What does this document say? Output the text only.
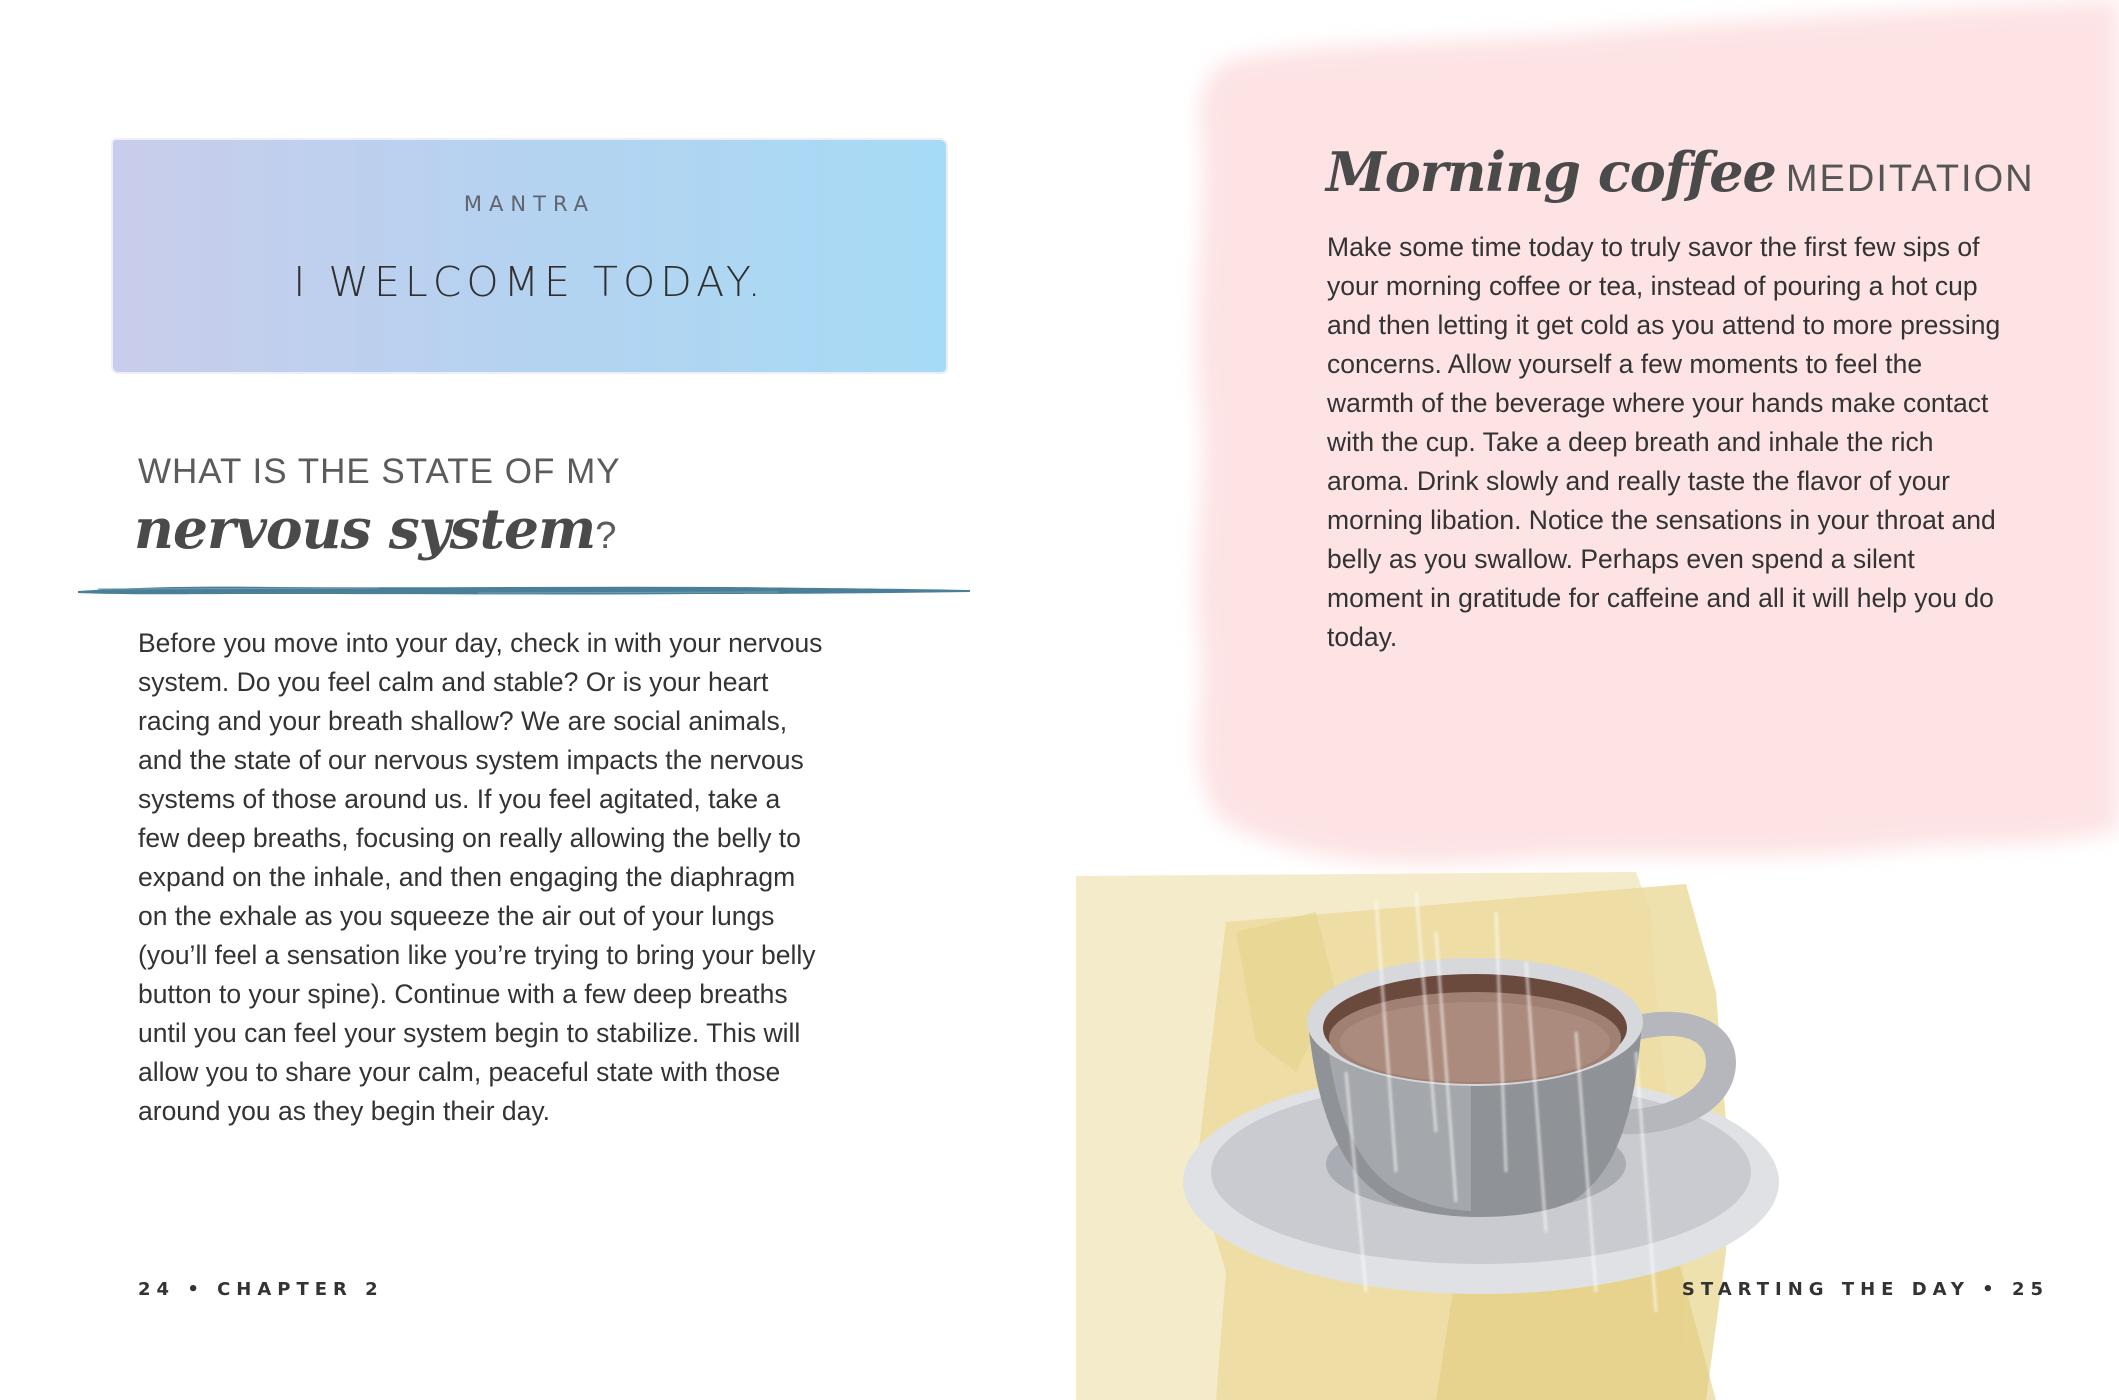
MANTRA
I WELCOME TODAY.
WHAT IS THE STATE OF MY
nervous system?
Before you move into your day, check in with your nervous system. Do you feel calm and stable? Or is your heart racing and your breath shallow? We are social animals, and the state of our nervous system impacts the nervous systems of those around us. If you feel agitated, take a few deep breaths, focusing on really allowing the belly to expand on the inhale, and then engaging the diaphragm on the exhale as you squeeze the air out of your lungs (you’ll feel a sensation like you’re trying to bring your belly button to your spine). Continue with a few deep breaths until you can feel your system begin to stabilize. This will allow you to share your calm, peaceful state with those around you as they begin their day.
24 • CHAPTER 2
Morning coffee MEDITATION
Make some time today to truly savor the first few sips of your morning coffee or tea, instead of pouring a hot cup and then letting it get cold as you attend to more pressing concerns. Allow yourself a few moments to feel the warmth of the beverage where your hands make contact with the cup. Take a deep breath and inhale the rich aroma. Drink slowly and really taste the flavor of your morning libation. Notice the sensations in your throat and belly as you swallow. Perhaps even spend a silent moment in gratitude for caffeine and all it will help you do today.
STARTING THE DAY • 25
